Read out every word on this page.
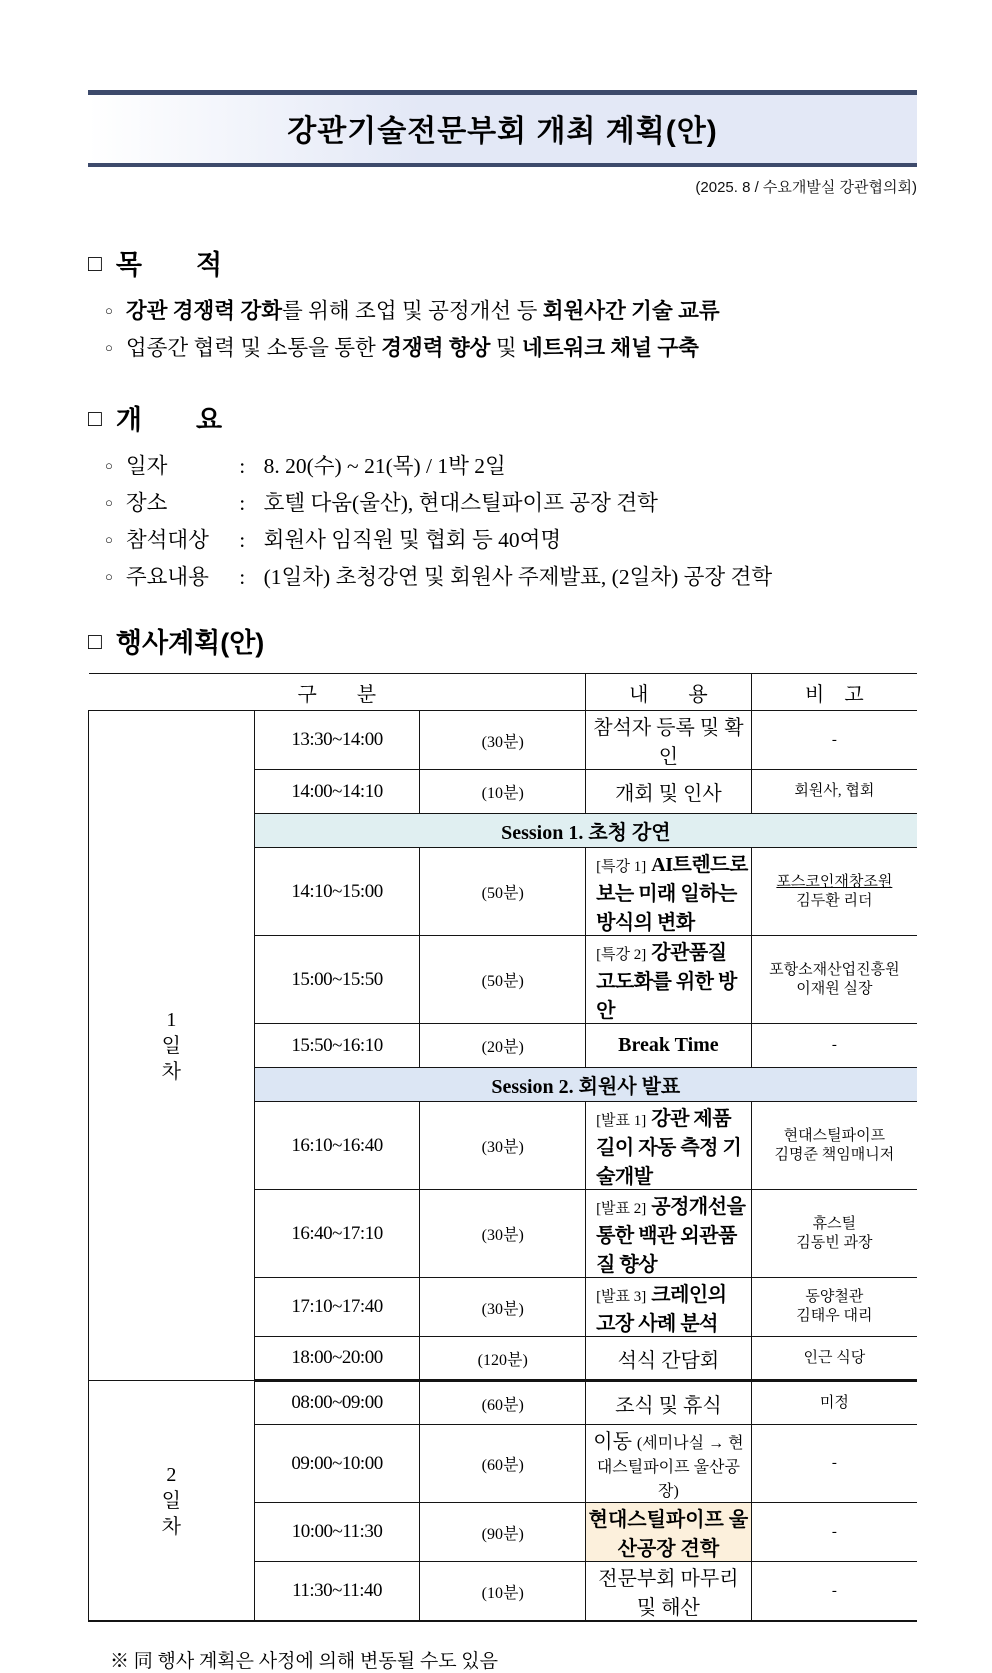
강관기술전문부회 개최 계획(안)
(2025. 8 / 수요개발실 강관협의회)
□ 목　　적
○ 강관 경쟁력 강화를 위해 조업 및 공정개선 등 회원사간 기술 교류
○ 업종간 협력 및 소통을 통한 경쟁력 향상 및 네트워크 채널 구축
□ 개　　요
○ 일자	: 8. 20(수) ~ 21(목) / 1박 2일
○ 장소	: 호텔 다움(울산), 현대스틸파이프 공장 견학
○ 참석대상	: 회원사 임직원 및 협회 등 40여명
○ 주요내용	: (1일차) 초청강연 및 회원사 주제발표, (2일차) 공장 견학
□ 행사계획(안)
구　　분			내　　용	비　고

1
일
차	13:30~14:00	(30분)	참석자 등록 및 확인	-

	14:00~14:10	(10분)	개회 및 인사	회원사, 협회

	Session 1. 초청 강연			
	14:10~15:00	(50분)	[특강 1] AI트렌드로 보는 미래 일하는 방식의 변화	포스코인재창조원
김두환 리더

	15:00~15:50	(50분)	[특강 2] 강관품질 고도화를 위한 방안	포항소재산업진흥원
이재원 실장

	15:50~16:10	(20분)	Break Time	-

	Session 2. 회원사 발표			
	16:10~16:40	(30분)	[발표 1] 강관 제품 길이 자동 측정 기술개발	현대스틸파이프
김명준 책임매니저

	16:40~17:10	(30분)	[발표 2] 공정개선을 통한 백관 외관품질 향상	휴스틸
김동빈 과장

	17:10~17:40	(30분)	[발표 3] 크레인의 고장 사례 분석	동양철관
김태우 대리

	18:00~20:00	(120분)	석식 간담회	인근 식당

2
일
차	08:00~09:00	(60분)	조식 및 휴식	미정

	09:00~10:00	(60분)	이동 (세미나실 → 현대스틸파이프 울산공장)	-

	10:00~11:30	(90분)	현대스틸파이프 울산공장 견학	-

	11:30~11:40	(10분)	전문부회 마무리 및 해산	-
※ 同 행사 계획은 사정에 의해 변동될 수도 있음
